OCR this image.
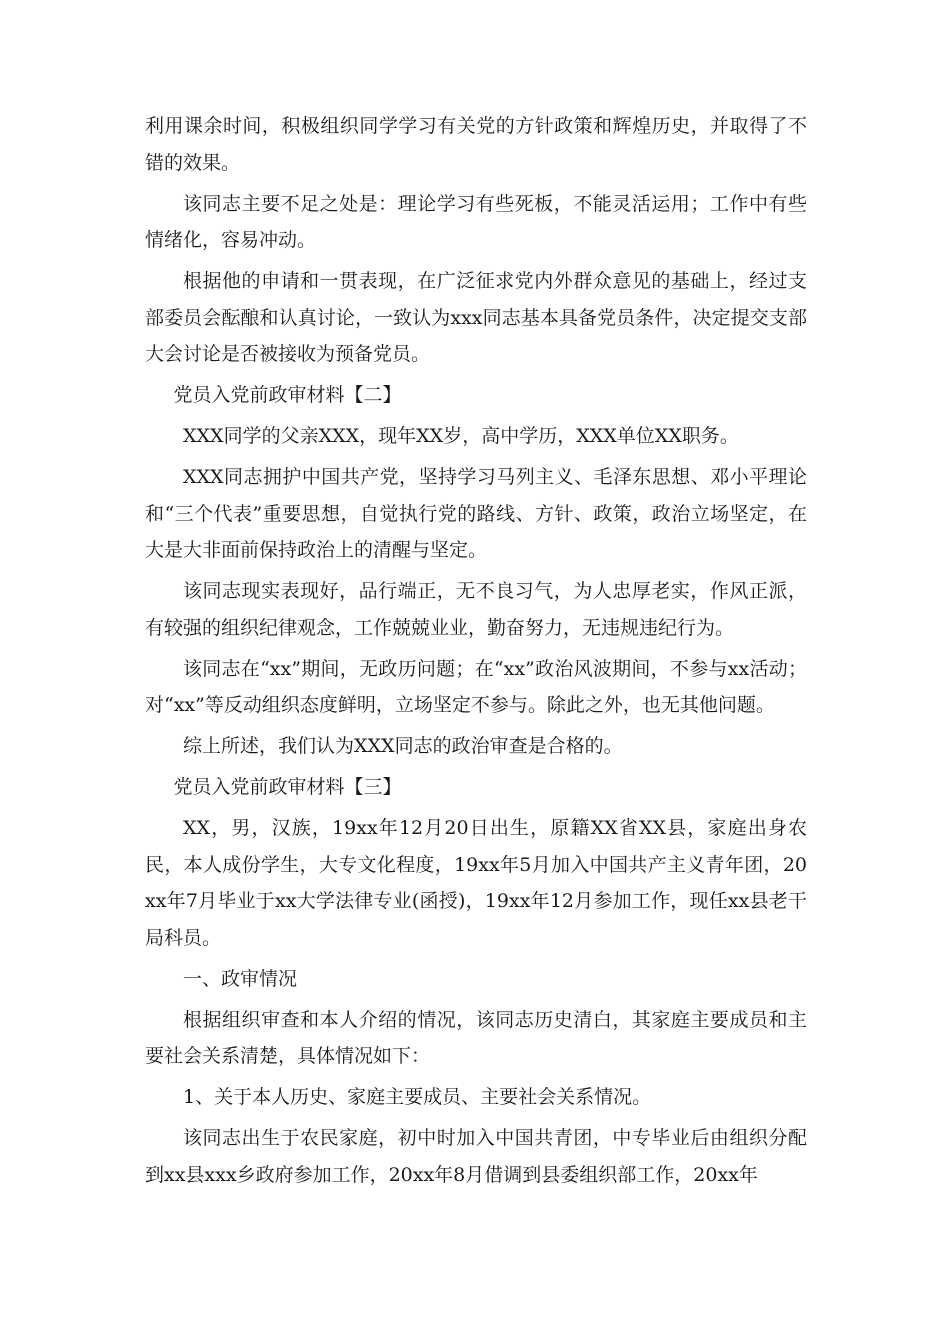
利用课余时间，积极组织同学学习有关党的方针政策和辉煌历史，并取得了不错的效果。

该同志主要不足之处是：理论学习有些死板，不能灵活运用；工作中有些情绪化，容易冲动。

根据他的申请和一贯表现，在广泛征求党内外群众意见的基础上，经过支部委员会酝酿和认真讨论，一致认为xxx同志基本具备党员条件，决定提交支部大会讨论是否被接收为预备党员。

党员入党前政审材料【二】

XXX同学的父亲XXX，现年XX岁，高中学历，XXX单位XX职务。

XXX同志拥护中国共产党，坚持学习马列主义、毛泽东思想、邓小平理论和“三个代表”重要思想，自觉执行党的路线、方针、政策，政治立场坚定，在大是大非面前保持政治上的清醒与坚定。

该同志现实表现好，品行端正，无不良习气，为人忠厚老实，作风正派，有较强的组织纪律观念，工作兢兢业业，勤奋努力，无违规违纪行为。

该同志在“xx”期间，无政历问题；在“xx”政治风波期间，不参与xx活动；对“xx”等反动组织态度鲜明，立场坚定不参与。除此之外，也无其他问题。

综上所述，我们认为XXX同志的政治审查是合格的。

党员入党前政审材料【三】

XX，男，汉族，19xx年12月20日出生，原籍XX省XX县，家庭出身农民，本人成份学生，大专文化程度，19xx年5月加入中国共产主义青年团，20xx年7月毕业于xx大学法律专业(函授)，19xx年12月参加工作，现任xx县老干局科员。

一、政审情况

根据组织审查和本人介绍的情况，该同志历史清白，其家庭主要成员和主要社会关系清楚，具体情况如下：

1、关于本人历史、家庭主要成员、主要社会关系情况。

该同志出生于农民家庭，初中时加入中国共青团，中专毕业后由组织分配到xx县xxx乡政府参加工作，20xx年8月借调到县委组织部工作，20xx年
